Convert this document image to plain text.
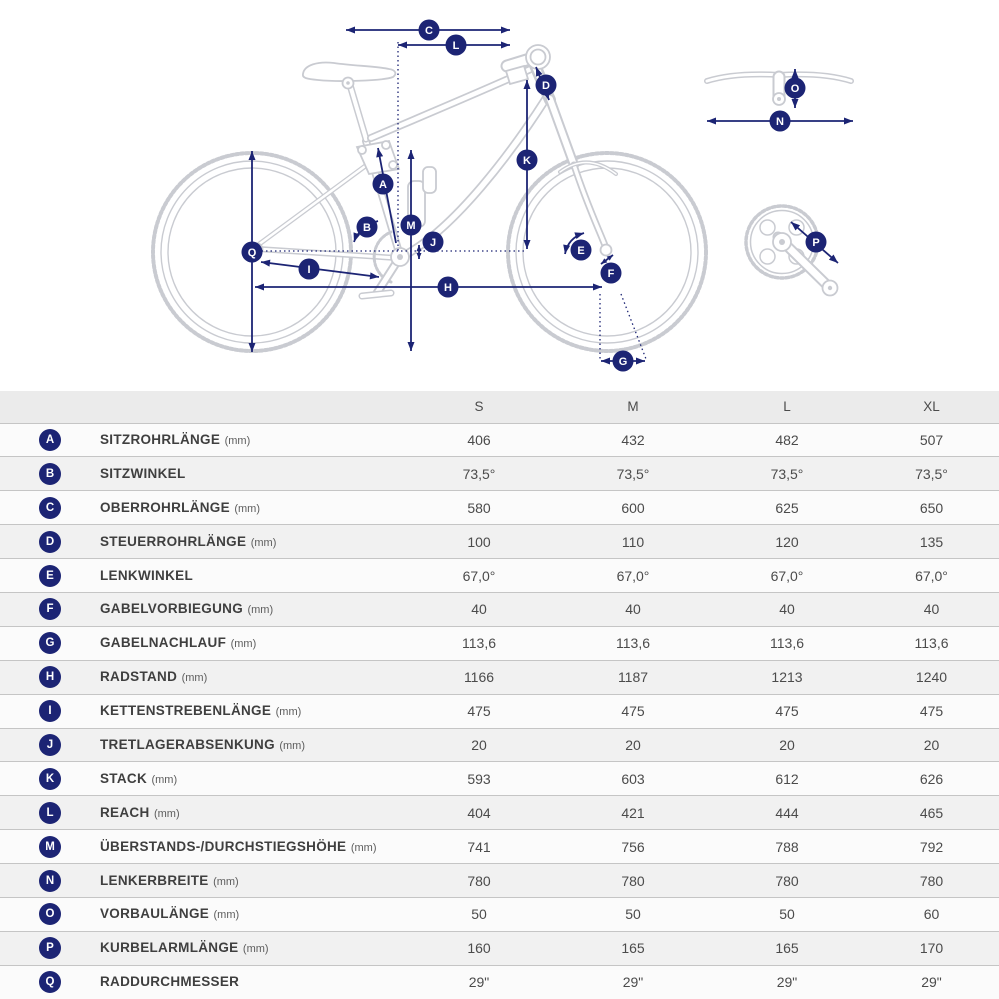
A
B
C
D
E
F
G
H
I
J
K
L
M
N
O
P
Q
		S	M	L	XL

A	SITZROHRLÄNGE (mm)	406	432	482	507

B	SITZWINKEL	73,5°	73,5°	73,5°	73,5°

C	OBERROHRLÄNGE (mm)	580	600	625	650

D	STEUERROHRLÄNGE (mm)	100	110	120	135

E	LENKWINKEL	67,0°	67,0°	67,0°	67,0°

F	GABELVORBIEGUNG (mm)	40	40	40	40

G	GABELNACHLAUF (mm)	113,6	113,6	113,6	113,6

H	RADSTAND (mm)	1166	1187	1213	1240

I	KETTENSTREBENLÄNGE (mm)	475	475	475	475

J	TRETLAGERABSENKUNG (mm)	20	20	20	20

K	STACK (mm)	593	603	612	626

L	REACH (mm)	404	421	444	465

M	ÜBERSTANDS-/DURCHSTIEGSHÖHE (mm)	741	756	788	792

N	LENKERBREITE (mm)	780	780	780	780

O	VORBAULÄNGE (mm)	50	50	50	60

P	KURBELARMLÄNGE (mm)	160	165	165	170

Q	RADDURCHMESSER	29"	29"	29"	29"
